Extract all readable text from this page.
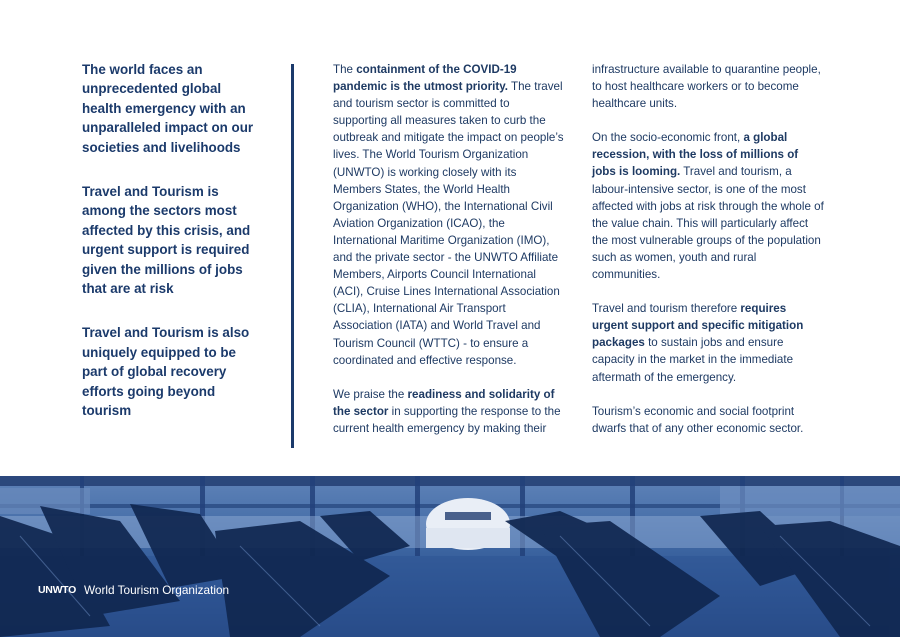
The world faces an unprecedented global health emergency with an unparalleled impact on our societies and livelihoods

Travel and Tourism is among the sectors most affected by this crisis, and urgent support is required given the millions of jobs that are at risk

Travel and Tourism is also uniquely equipped to be part of global recovery efforts going beyond tourism

The containment of the COVID-19 pandemic is the utmost priority. The travel and tourism sector is committed to supporting all measures taken to curb the outbreak and mitigate the impact on people’s lives. The World Tourism Organization (UNWTO) is working closely with its Members States, the World Health Organization (WHO), the International Civil Aviation Organization (ICAO), the International Maritime Organization (IMO), and the private sector - the UNWTO Affiliate Members, Airports Council International (ACI), Cruise Lines International Association (CLIA), International Air Transport Association (IATA) and World Travel and Tourism Council (WTTC) - to ensure a coordinated and effective response.

We praise the readiness and solidarity of the sector in supporting the response to the current health emergency by making their

infrastructure available to quarantine people, to host healthcare workers or to become healthcare units.

On the socio-economic front, a global recession, with the loss of millions of jobs is looming. Travel and tourism, a labour-intensive sector, is one of the most affected with jobs at risk through the whole of the value chain. This will particularly affect the most vulnerable groups of the population such as women, youth and rural communities.

Travel and tourism therefore requires urgent support and specific mitigation packages to sustain jobs and ensure capacity in the market in the immediate aftermath of the emergency.

Tourism’s economic and social footprint dwarfs that of any other economic sector.

UNWTO World Tourism Organization
